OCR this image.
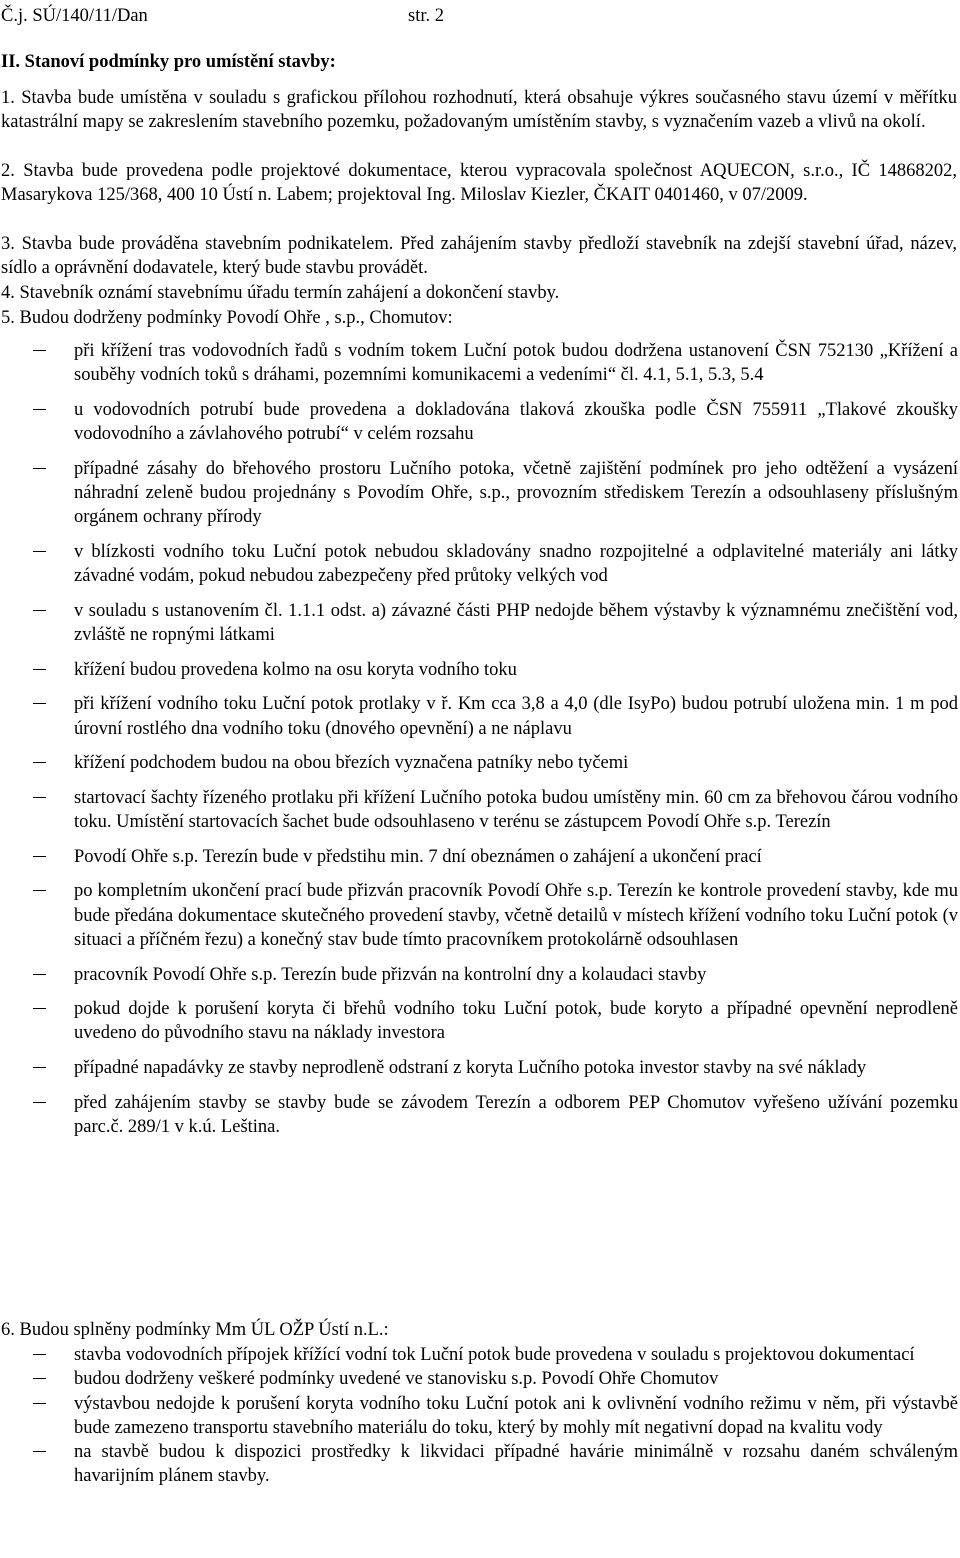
Č.j. SÚ/140/11/Dan	str. 2
II. Stanoví podmínky pro umístění stavby:
1. Stavba bude umístěna v souladu s grafickou přílohou rozhodnutí, která obsahuje výkres současného stavu území v měřítku katastrální mapy se zakreslením stavebního pozemku, požadovaným umístěním stavby, s vyznačením vazeb a vlivů na okolí.
2. Stavba bude provedena podle projektové dokumentace, kterou vypracovala společnost AQUECON, s.r.o., IČ 14868202, Masarykova 125/368, 400 10 Ústí n. Labem; projektoval Ing. Miloslav Kiezler, ČKAIT 0401460, v 07/2009.
3. Stavba bude prováděna stavebním podnikatelem. Před zahájením stavby předloží stavebník na zdejší stavební úřad, název, sídlo a oprávnění dodavatele, který bude stavbu provádět.
4. Stavebník oznámí stavebnímu úřadu termín zahájení a dokončení stavby.
5. Budou dodrženy podmínky Povodí Ohře , s.p., Chomutov:
při křížení tras vodovodních řadů s vodním tokem Luční potok budou dodržena ustanovení ČSN 752130 „Křížení a souběhy vodních toků s dráhami, pozemními komunikacemi a vedeními“ čl. 4.1, 5.1, 5.3, 5.4
u vodovodních potrubí bude provedena a dokladována tlaková zkouška podle ČSN 755911 „Tlakové zkoušky vodovodního a závlahového potrubí“ v celém rozsahu
případné zásahy do břehového prostoru Lučního potoka, včetně zajištění podmínek pro jeho odtěžení a vysázení náhradní zeleně budou projednány s Povodím Ohře, s.p., provozním střediskem Terezín a odsouhlaseny příslušným orgánem ochrany přírody
v blízkosti vodního toku Luční potok nebudou skladovány snadno rozpojitelné a odplavitelné materiály ani látky závadné vodám, pokud nebudou zabezpečeny před průtoky velkých vod
v souladu s ustanovením čl. 1.1.1 odst. a) závazné části PHP nedojde během výstavby k významnému znečištění vod, zvláště ne ropnými látkami
křížení budou provedena kolmo na osu koryta vodního toku
při křížení vodního toku Luční potok protlaky v ř. Km cca 3,8 a 4,0 (dle IsyPo) budou potrubí uložena min. 1 m pod úrovní rostlého dna vodního toku (dnového opevnění) a ne náplavu
křížení podchodem budou na obou březích vyznačena patníky nebo tyčemi
startovací šachty řízeného protlaku při křížení Lučního potoka budou umístěny min. 60 cm za břehovou čárou vodního toku. Umístění startovacích šachet bude odsouhlaseno v terénu se zástupcem Povodí Ohře s.p. Terezín
Povodí Ohře s.p. Terezín bude v předstihu min. 7 dní obeznámen o zahájení a ukončení prací
po kompletním ukončení prací bude přizván pracovník Povodí Ohře s.p. Terezín ke kontrole provedení stavby, kde mu bude předána dokumentace skutečného provedení stavby, včetně detailů v místech křížení vodního toku Luční potok (v situaci a příčném řezu) a konečný stav bude tímto pracovníkem protokolárně odsouhlasen
pracovník Povodí Ohře s.p. Terezín bude přizván na kontrolní dny a kolaudaci stavby
pokud dojde k porušení koryta či břehů vodního toku Luční potok, bude koryto a případné opevnění neprodleně uvedeno do původního stavu na náklady investora
případné napadávky ze stavby neprodleně odstraní z koryta Lučního potoka investor stavby na své náklady
před zahájením stavby se stavby bude se závodem Terezín a odborem PEP Chomutov vyřešeno užívání pozemku parc.č. 289/1 v k.ú. Leština.
6. Budou splněny podmínky Mm ÚL OŽP Ústí n.L.:
stavba vodovodních přípojek křížící vodní tok Luční potok bude provedena v souladu s projektovou dokumentací
budou dodrženy veškeré podmínky uvedené ve stanovisku s.p. Povodí Ohře Chomutov
výstavbou nedojde k porušení koryta vodního toku Luční potok ani k ovlivnění vodního režimu v něm, při výstavbě bude zamezeno transportu stavebního materiálu do toku, který by mohly mít negativní dopad na kvalitu vody
na stavbě budou k dispozici prostředky k likvidaci případné havárie minimálně v rozsahu daném schváleným havarijním plánem stavby.
